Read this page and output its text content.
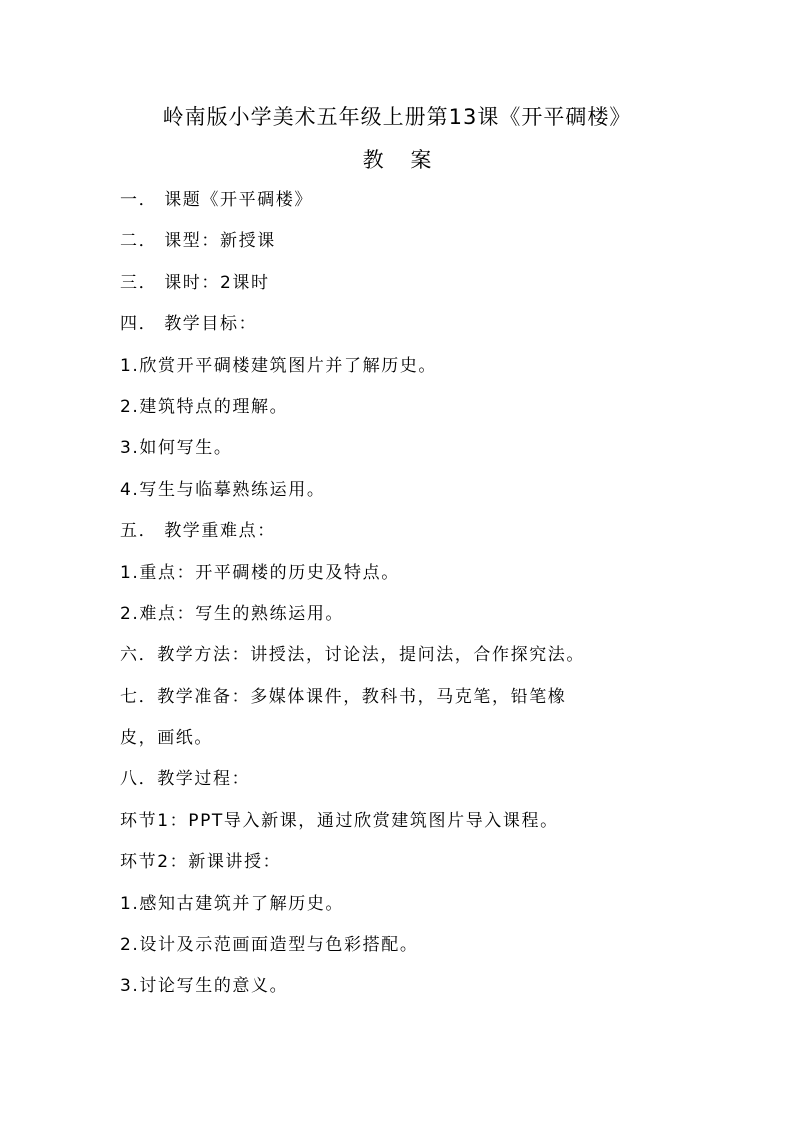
岭南版小学美术五年级上册第13课《开平碉楼》
教    案
一． 课题《开平碉楼》
二． 课型：新授课
三． 课时：2课时
四． 教学目标：
1.欣赏开平碉楼建筑图片并了解历史。
2.建筑特点的理解。
3.如何写生。
4.写生与临摹熟练运用。
五． 教学重难点：
1.重点：开平碉楼的历史及特点。
2.难点：写生的熟练运用。
六．教学方法：讲授法，讨论法，提问法，合作探究法。
七．教学准备：多媒体课件，教科书，马克笔，铅笔橡
皮，画纸。
八．教学过程：
环节1：PPT导入新课，通过欣赏建筑图片导入课程。
环节2：新课讲授：
1.感知古建筑并了解历史。
2.设计及示范画面造型与色彩搭配。
3.讨论写生的意义。
